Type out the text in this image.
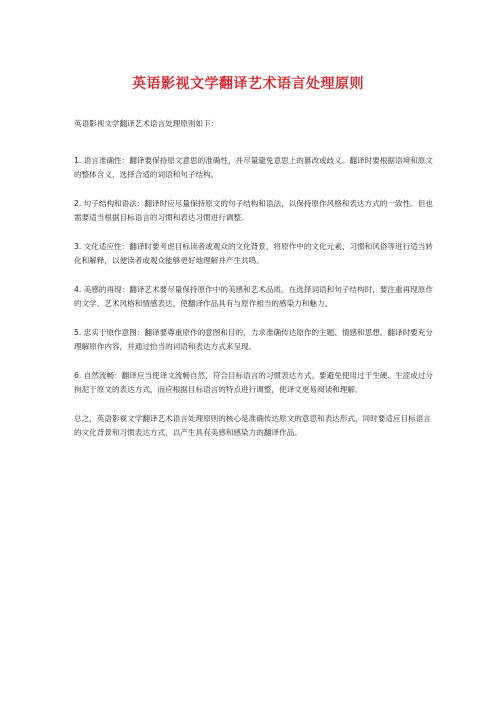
英语影视文学翻译艺术语言处理原则

英语影视文学翻译艺术语言处理原则如下：

1. 语言准确性：翻译要保持原文意思的准确性，并尽量避免意思上的篡改或歧义。翻译时要根据语境和原文的整体含义，选择合适的词语和句子结构。

2. 句子结构和语法：翻译时应尽量保持原文的句子结构和语法，以保持原作风格和表达方式的一致性。但也需要适当根据目标语言的习惯和表达习惯进行调整。

3. 文化适应性：翻译时要考虑目标读者或观众的文化背景，将原作中的文化元素、习惯和风俗等进行适当转化和解释，以便读者或观众能够更好地理解并产生共鸣。

4. 美感的再现：翻译艺术要尽量保持原作中的美感和艺术品质。在选择词语和句子结构时，要注重再现原作的文学、艺术风格和情感表达，使翻译作品具有与原作相当的感染力和魅力。

5. 忠实于原作意图：翻译要尊重原作的意图和目的，力求准确传达原作的主题、情感和思想。翻译时要充分理解原作内容，并通过恰当的词语和表达方式来呈现。

6. 自然流畅：翻译应当使译文流畅自然，符合目标语言的习惯表达方式。要避免使用过于生硬、生涩或过分拘泥于原文的表达方式，而应根据目标语言的特点进行调整，使译文更易阅读和理解。

总之，英语影视文学翻译艺术语言处理原则的核心是准确传达原文的意思和表达形式，同时要适应目标语言的文化背景和习惯表达方式，以产生具有美感和感染力的翻译作品。
